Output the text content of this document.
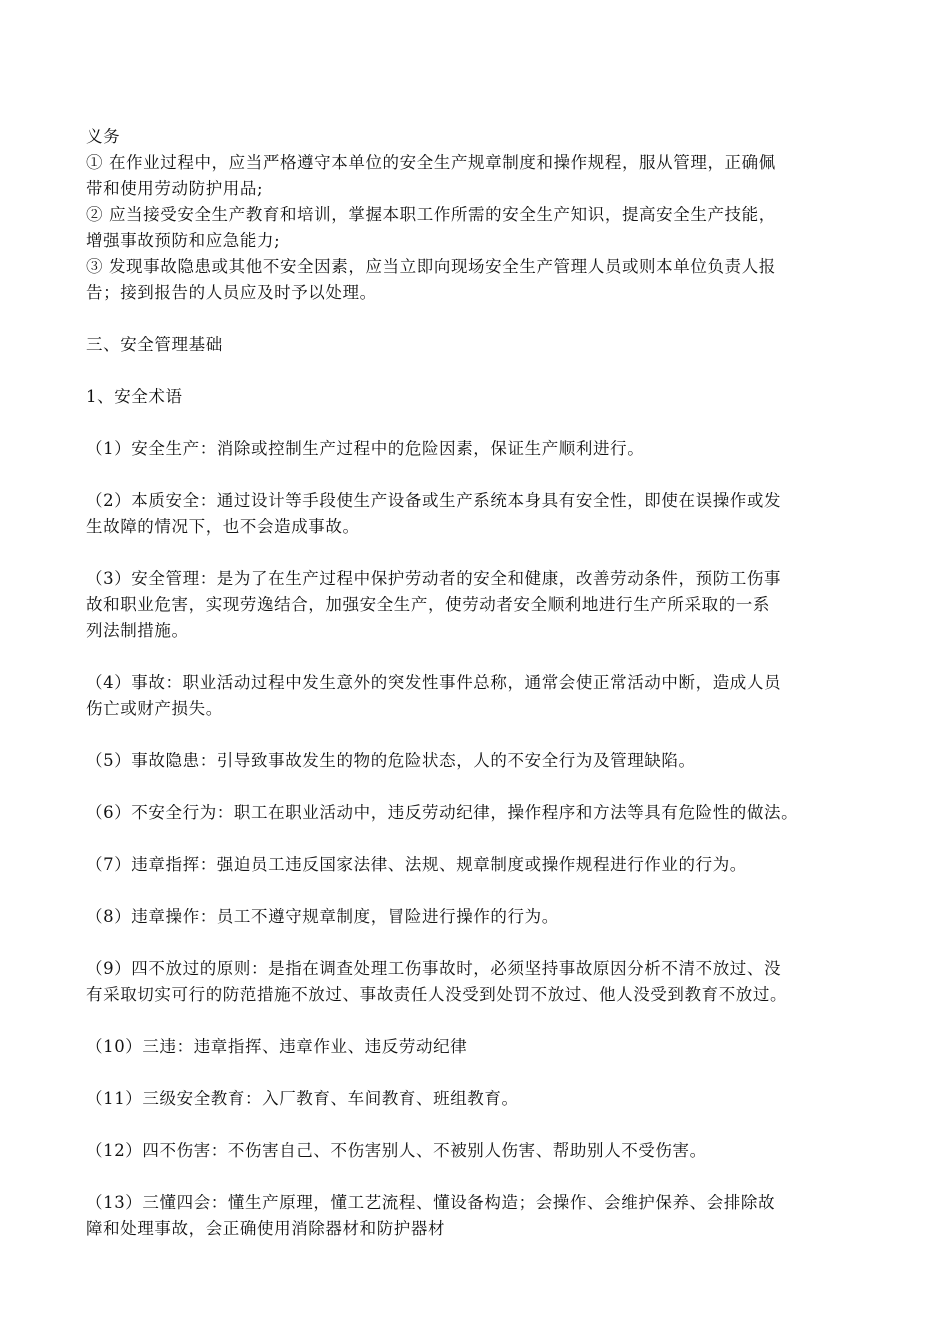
义务
① 在作业过程中，应当严格遵守本单位的安全生产规章制度和操作规程，服从管理，正确佩
带和使用劳动防护用品;
② 应当接受安全生产教育和培训，掌握本职工作所需的安全生产知识，提高安全生产技能，
增强事故预防和应急能力;
③ 发现事故隐患或其他不安全因素，应当立即向现场安全生产管理人员或则本单位负责人报
告；接到报告的人员应及时予以处理。
三、安全管理基础
1、安全术语
（1）安全生产：消除或控制生产过程中的危险因素，保证生产顺利进行。
（2）本质安全：通过设计等手段使生产设备或生产系统本身具有安全性，即使在误操作或发
生故障的情况下，也不会造成事故。
（3）安全管理：是为了在生产过程中保护劳动者的安全和健康，改善劳动条件，预防工伤事
故和职业危害，实现劳逸结合，加强安全生产，使劳动者安全顺利地进行生产所采取的一系
列法制措施。
（4）事故：职业活动过程中发生意外的突发性事件总称，通常会使正常活动中断，造成人员
伤亡或财产损失。
（5）事故隐患：引导致事故发生的物的危险状态，人的不安全行为及管理缺陷。
（6）不安全行为：职工在职业活动中，违反劳动纪律，操作程序和方法等具有危险性的做法。
（7）违章指挥：强迫员工违反国家法律、法规、规章制度或操作规程进行作业的行为。
（8）违章操作：员工不遵守规章制度，冒险进行操作的行为。
（9）四不放过的原则：是指在调查处理工伤事故时，必须坚持事故原因分析不清不放过、没
有采取切实可行的防范措施不放过、事故责任人没受到处罚不放过、他人没受到教育不放过。
（10）三违：违章指挥、违章作业、违反劳动纪律
（11）三级安全教育：入厂教育、车间教育、班组教育。
（12）四不伤害：不伤害自己、不伤害别人、不被别人伤害、帮助别人不受伤害。
（13）三懂四会：懂生产原理，懂工艺流程、懂设备构造；会操作、会维护保养、会排除故
障和处理事故，会正确使用消除器材和防护器材
